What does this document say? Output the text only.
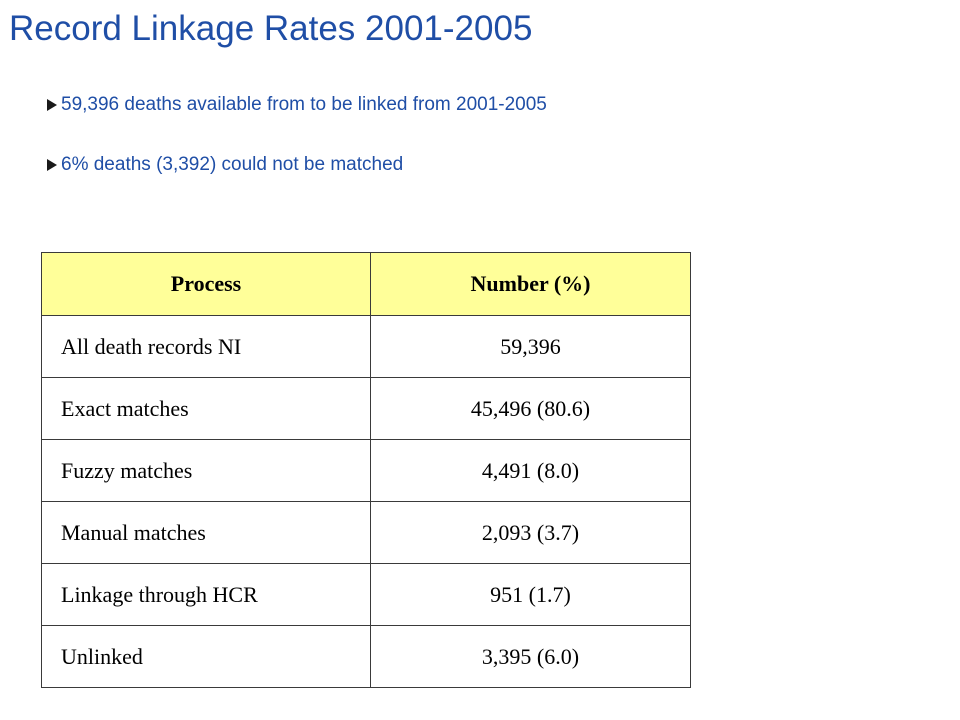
Record Linkage Rates 2001-2005
59,396 deaths available from to be linked from 2001-2005
6% deaths (3,392) could not be matched
Process	Number (%)
All death records NI	59,396
Exact matches	45,496 (80.6)
Fuzzy matches	4,491 (8.0)
Manual matches	2,093 (3.7)
Linkage through HCR	951 (1.7)
Unlinked	3,395 (6.0)
